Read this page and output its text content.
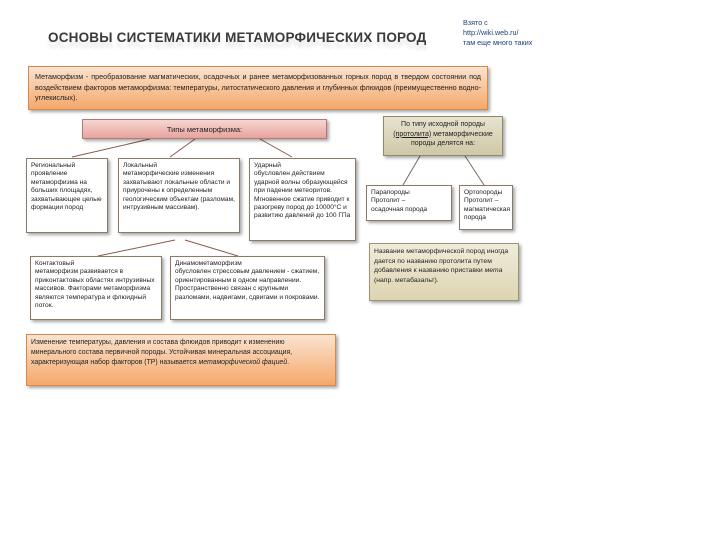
ОСНОВЫ СИСТЕМАТИКИ МЕТАМОРФИЧЕСКИХ ПОРОД
Взято с
http://wiki.web.ru/
там еще много таких
Метаморфизм - преобразование магматических, осадочных и ранее метаморфизованных горных пород в твердом состоянии под воздействием факторов метаморфизма: температуры, литостатического давления и глубинных флюидов (преимущественно водно-углекислых).
Типы метаморфизма:
Региональный
проявление метаморфизма на больших площадях, захватывающее целые формации пород
Локальный
метаморфические изменения захватывают локальные области и приурочены к определенным геологическим объектам (разломам, интрузивным массивам).
Ударный
обусловлен действием ударной волны образующейся при падении метеоритов. Мгновенное сжатие приводит к разогреву пород до 10000°С и развитию давлений до 100 ГПа
Контактовый
метаморфизм развивается в приконтактовых областях интрузивных массивов. Факторами метаморфизма являются температура и флюидный поток.
Динамометаморфизм
обусловлен стрессовым давлением - сжатием, ориентированным в одном направлении. Пространственно связан с крупными разломами, надвигами, сдвигами и покровами.
Изменение температуры, давления и состава флюидов приводит к изменению минерального состава первичной породы. Устойчивая минеральная ассоциация, характеризующая набор факторов (ТР) называется метаморфической фацией.
По типу исходной породы
(протолита) метаморфические породы делятся на:
Парапороды
Протолит –
осадочная порода
Ортопороды
Протолит –
магматическая порода
Название метаморфической пород иногда дается по названию протолита путем добавления к названию приставки мета (напр. метабазальт).
